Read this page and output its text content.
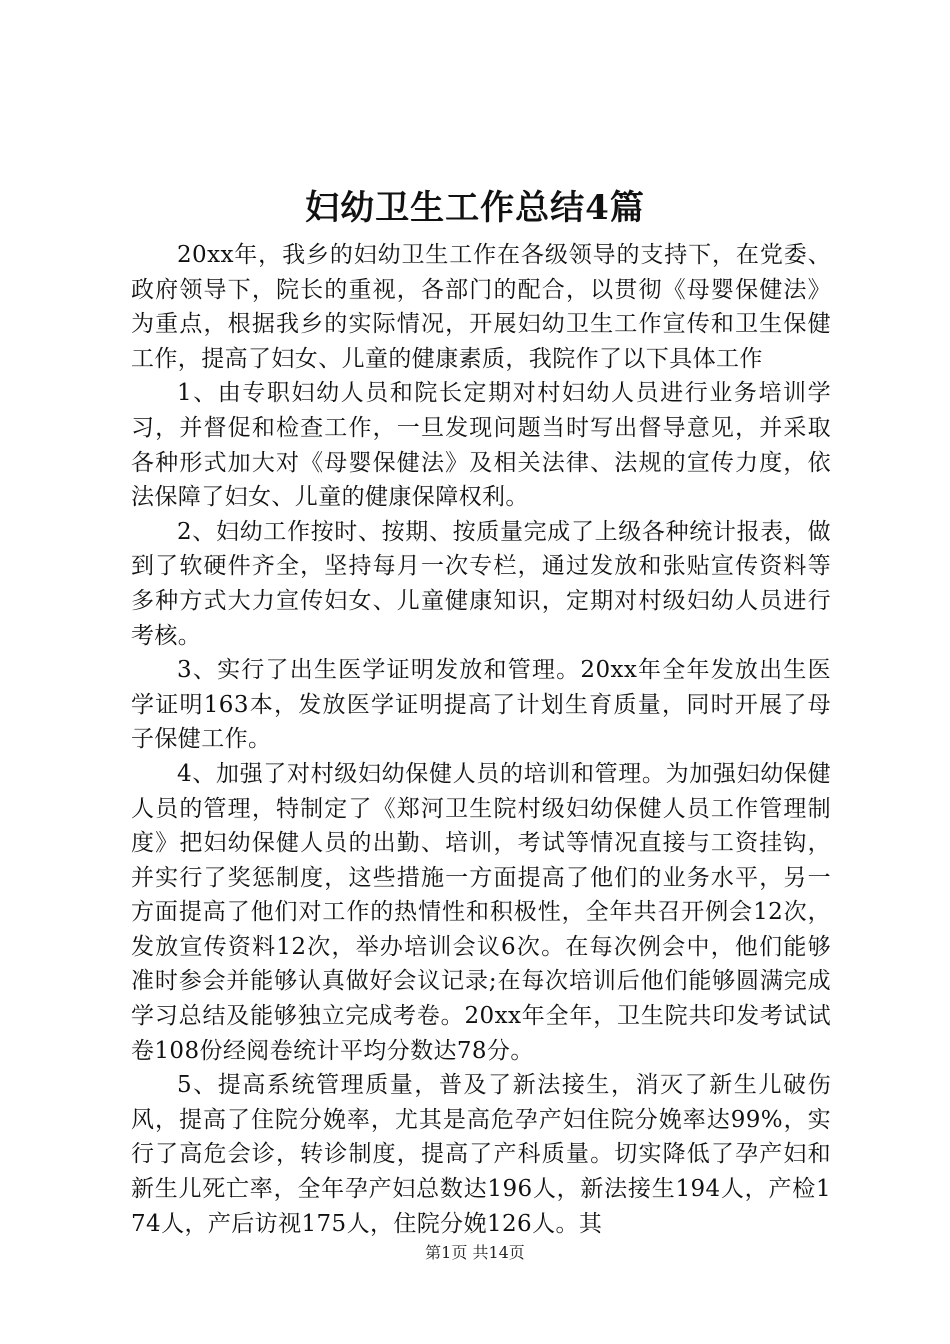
妇幼卫生工作总结4篇

20xx年，我乡的妇幼卫生工作在各级领导的支持下，在党委、政府领导下，院长的重视，各部门的配合，以贯彻《母婴保健法》为重点，根据我乡的实际情况，开展妇幼卫生工作宣传和卫生保健工作，提高了妇女、儿童的健康素质，我院作了以下具体工作

1、由专职妇幼人员和院长定期对村妇幼人员进行业务培训学习，并督促和检查工作，一旦发现问题当时写出督导意见，并采取各种形式加大对《母婴保健法》及相关法律、法规的宣传力度，依法保障了妇女、儿童的健康保障权利。

2、妇幼工作按时、按期、按质量完成了上级各种统计报表，做到了软硬件齐全，坚持每月一次专栏，通过发放和张贴宣传资料等多种方式大力宣传妇女、儿童健康知识，定期对村级妇幼人员进行考核。

3、实行了出生医学证明发放和管理。20xx年全年发放出生医学证明163本，发放医学证明提高了计划生育质量，同时开展了母子保健工作。

4、加强了对村级妇幼保健人员的培训和管理。为加强妇幼保健人员的管理，特制定了《郑河卫生院村级妇幼保健人员工作管理制度》把妇幼保健人员的出勤、培训，考试等情况直接与工资挂钩，并实行了奖惩制度，这些措施一方面提高了他们的业务水平，另一方面提高了他们对工作的热情性和积极性，全年共召开例会12次，发放宣传资料12次，举办培训会议6次。在每次例会中，他们能够准时参会并能够认真做好会议记录;在每次培训后他们能够圆满完成学习总结及能够独立完成考卷。20xx年全年，卫生院共印发考试试卷108份经阅卷统计平均分数达78分。

5、提高系统管理质量，普及了新法接生，消灭了新生儿破伤风，提高了住院分娩率，尤其是高危孕产妇住院分娩率达99%，实行了高危会诊，转诊制度，提高了产科质量。切实降低了孕产妇和新生儿死亡率，全年孕产妇总数达196人，新法接生194人，产检174人，产后访视175人，住院分娩126人。其

第1页 共14页
